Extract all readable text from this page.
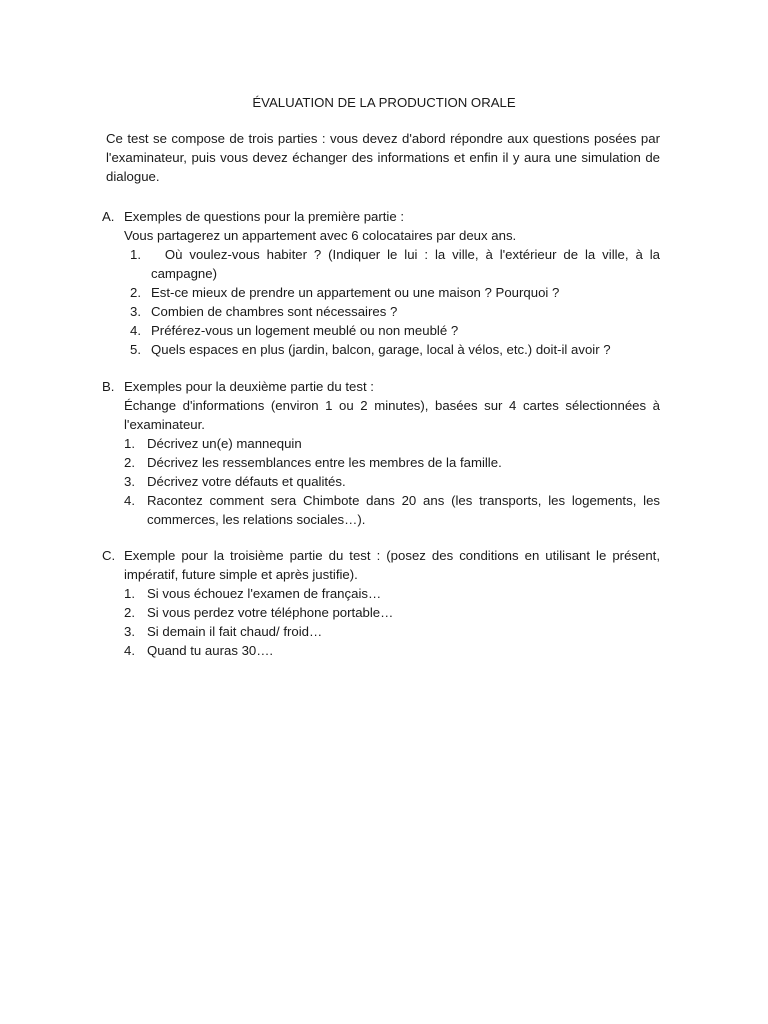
ÉVALUATION DE LA PRODUCTION ORALE
Ce test se compose de trois parties : vous devez d'abord répondre aux questions posées par l'examinateur, puis vous devez échanger des informations et enfin il y aura une simulation de dialogue.
A. Exemples de questions pour la première partie :
Vous partagerez un appartement avec 6 colocataires par deux ans.
1. Où voulez-vous habiter ? (Indiquer le lui : la ville, à l'extérieur de la ville, à la campagne)
2. Est-ce mieux de prendre un appartement ou une maison ? Pourquoi ?
3. Combien de chambres sont nécessaires ?
4. Préférez-vous un logement meublé ou non meublé ?
5. Quels espaces en plus (jardin, balcon, garage, local à vélos, etc.) doit-il avoir ?
B. Exemples pour la deuxième partie du test :
Échange d'informations (environ 1 ou 2 minutes), basées sur 4 cartes sélectionnées à l'examinateur.
1. Décrivez un(e) mannequin
2. Décrivez les ressemblances entre les membres de la famille.
3. Décrivez votre défauts et qualités.
4. Racontez comment sera Chimbote dans 20 ans (les transports, les logements, les commerces, les relations sociales…).
C. Exemple pour la troisième partie du test : (posez des conditions en utilisant le présent, impératif, future simple et après justifie).
1. Si vous échouez l'examen de français…
2. Si vous perdez votre téléphone portable…
3. Si demain il fait chaud/ froid…
4. Quand tu auras 30….
